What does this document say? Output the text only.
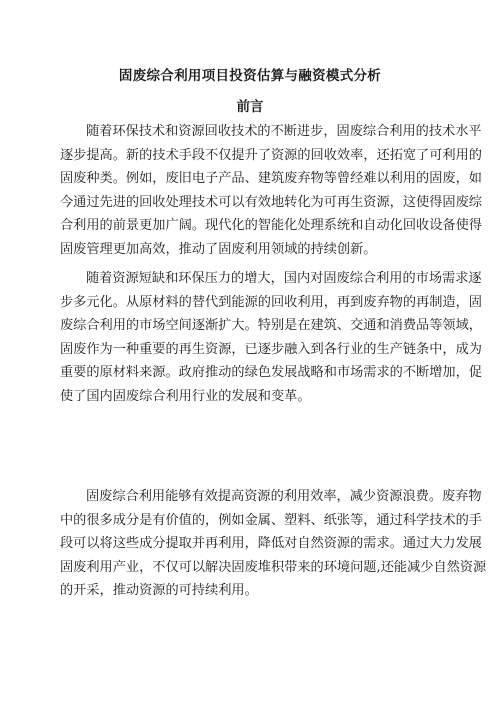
固废综合利用项目投资估算与融资模式分析
前言
随着环保技术和资源回收技术的不断进步，固废综合利用的技术水平
逐步提高。新的技术手段不仅提升了资源的回收效率，还拓宽了可利用的
固废种类。例如，废旧电子产品、建筑废弃物等曾经难以利用的固废，如
今通过先进的回收处理技术可以有效地转化为可再生资源，这使得固废综
合利用的前景更加广阔。现代化的智能化处理系统和自动化回收设备使得
固废管理更加高效，推动了固废利用领域的持续创新。
随着资源短缺和环保压力的增大，国内对固废综合利用的市场需求逐
步多元化。从原材料的替代到能源的回收利用，再到废弃物的再制造，固
废综合利用的市场空间逐渐扩大。特别是在建筑、交通和消费品等领域，
固废作为一种重要的再生资源，已逐步融入到各行业的生产链条中，成为
重要的原材料来源。政府推动的绿色发展战略和市场需求的不断增加，促
使了国内固废综合利用行业的发展和变革。
固废综合利用能够有效提高资源的利用效率，减少资源浪费。废弃物
中的很多成分是有价值的，例如金属、塑料、纸张等，通过科学技术的手
段可以将这些成分提取并再利用，降低对自然资源的需求。通过大力发展
固废利用产业，不仅可以解决固废堆积带来的环境问题,还能减少自然资源
的开采，推动资源的可持续利用。
